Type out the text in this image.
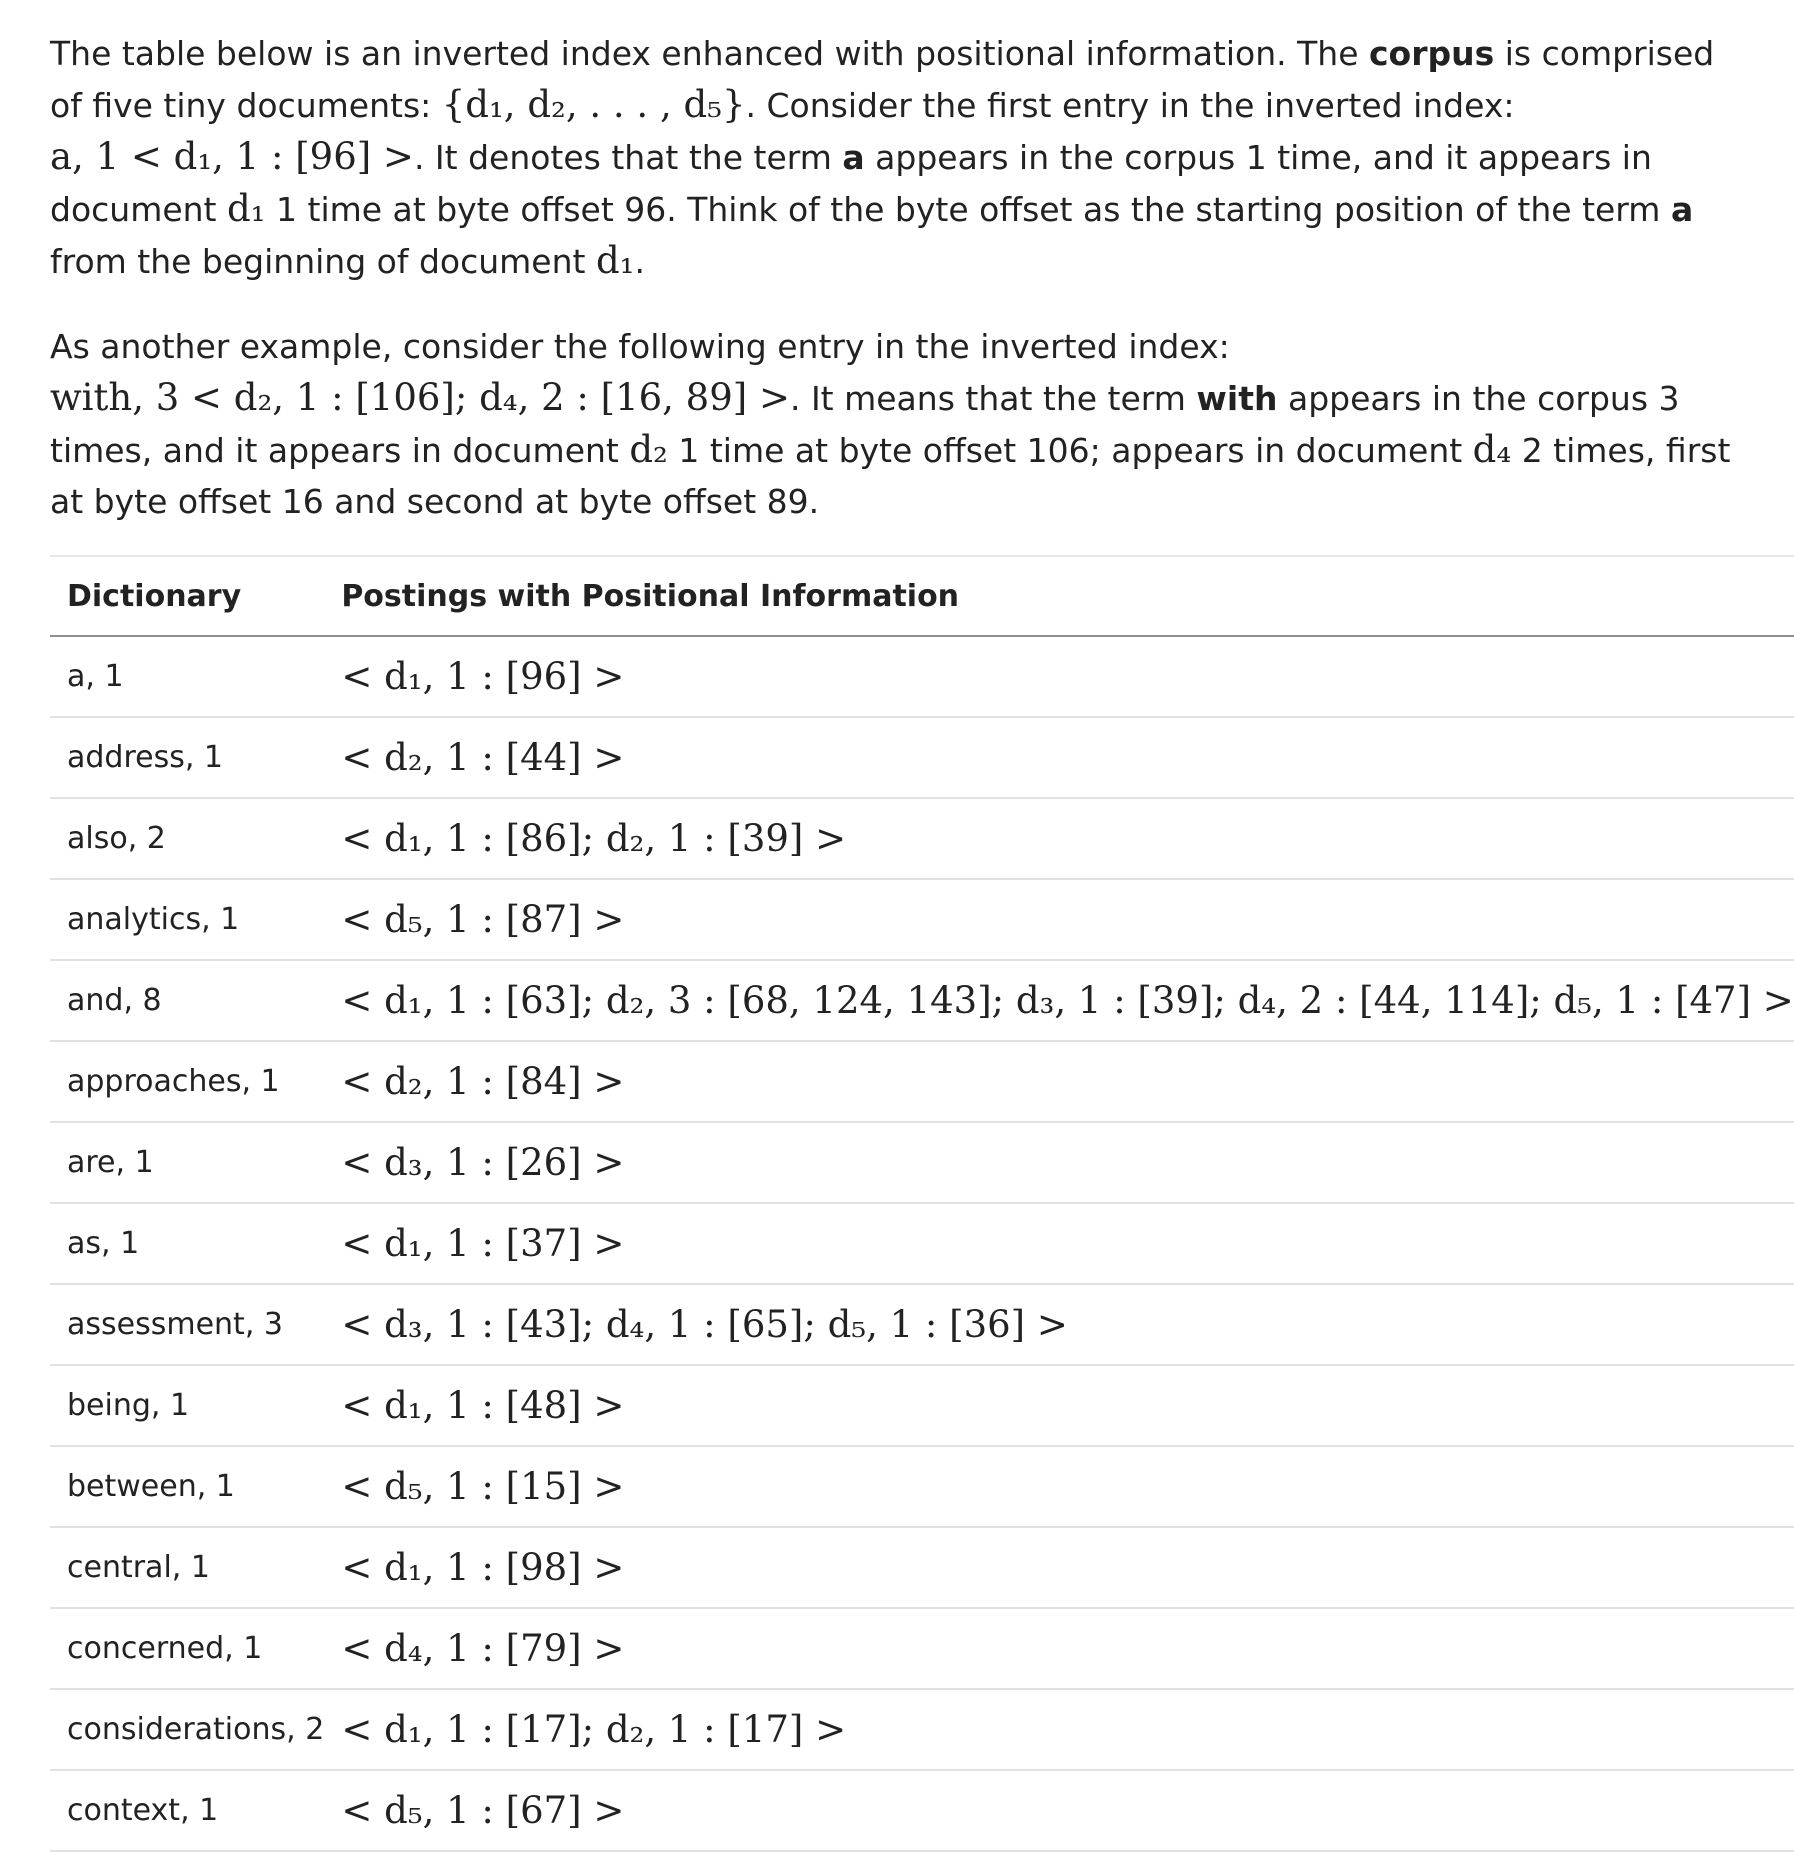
The table below is an inverted index enhanced with positional information. The corpus is comprised
of five tiny documents: {d₁, d₂, . . . , d₅}. Consider the first entry in the inverted index:
a, 1 < d₁, 1 : [96] >. It denotes that the term a appears in the corpus 1 time, and it appears in
document d₁ 1 time at byte offset 96. Think of the byte offset as the starting position of the term a
from the beginning of document d₁.

As another example, consider the following entry in the inverted index:
with, 3 < d₂, 1 : [106]; d₄, 2 : [16, 89] >. It means that the term with appears in the corpus 3
times, and it appears in document d₂ 1 time at byte offset 106; appears in document d₄ 2 times, first
at byte offset 16 and second at byte offset 89.

Dictionary	Postings with Positional Information
a, 1	< d₁, 1 : [96] >
address, 1	< d₂, 1 : [44] >
also, 2	< d₁, 1 : [86]; d₂, 1 : [39] >
analytics, 1	< d₅, 1 : [87] >
and, 8	< d₁, 1 : [63]; d₂, 3 : [68, 124, 143]; d₃, 1 : [39]; d₄, 2 : [44, 114]; d₅, 1 : [47] >
approaches, 1	< d₂, 1 : [84] >
are, 1	< d₃, 1 : [26] >
as, 1	< d₁, 1 : [37] >
assessment, 3	< d₃, 1 : [43]; d₄, 1 : [65]; d₅, 1 : [36] >
being, 1	< d₁, 1 : [48] >
between, 1	< d₅, 1 : [15] >
central, 1	< d₁, 1 : [98] >
concerned, 1	< d₄, 1 : [79] >
considerations, 2	< d₁, 1 : [17]; d₂, 1 : [17] >
context, 1	< d₅, 1 : [67] >
